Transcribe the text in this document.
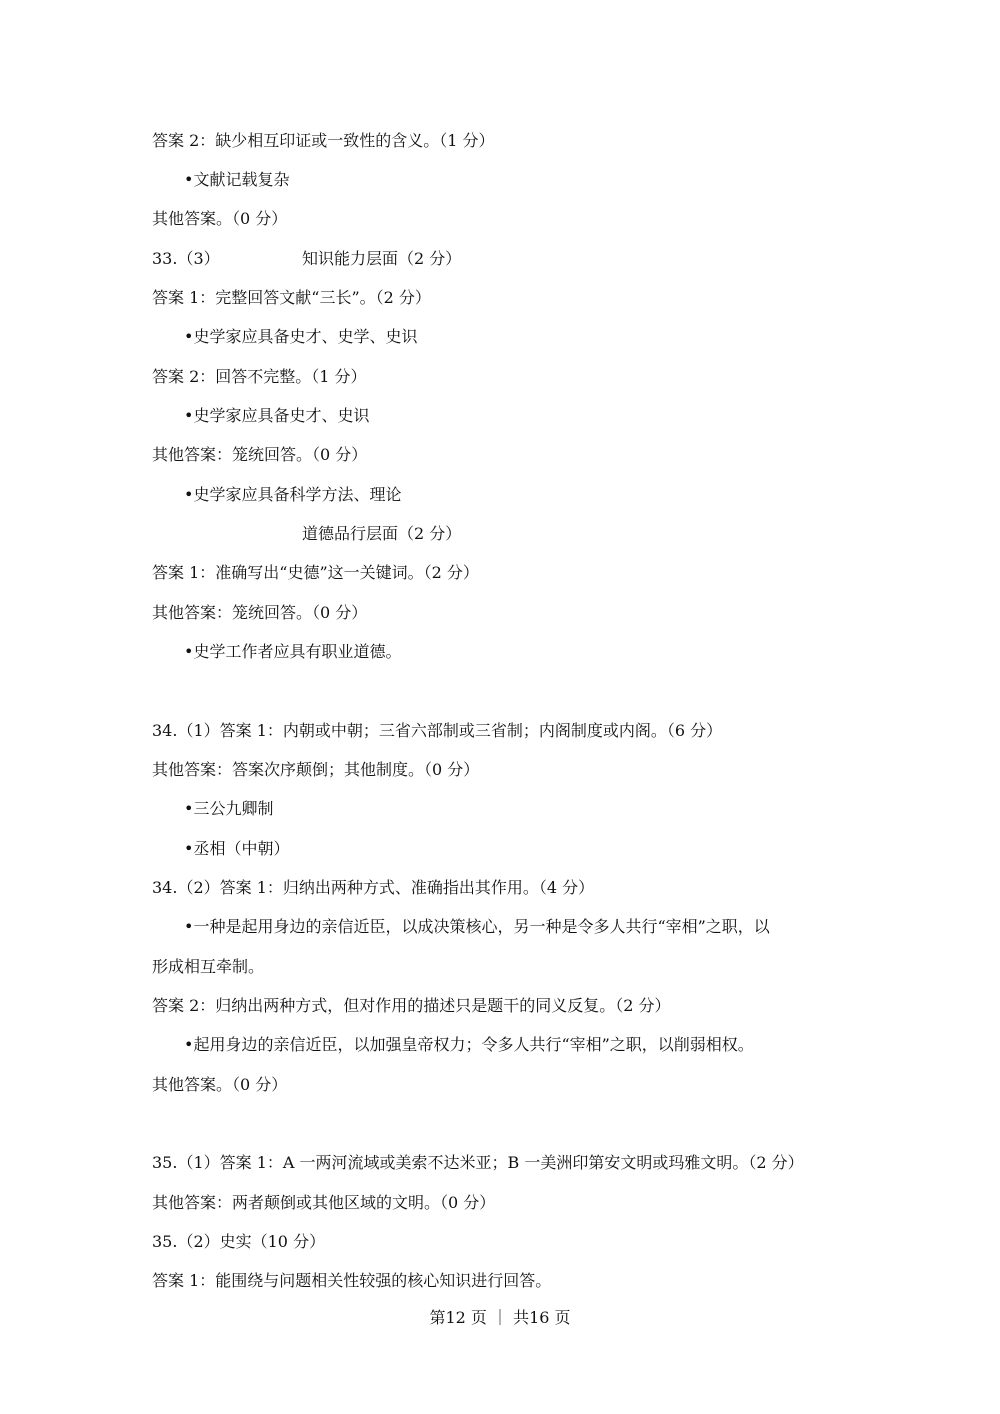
答案 2：缺少相互印证或一致性的含义。（1 分）
•文献记载复杂
其他答案。（0 分）
33.（3）	知识能力层面（2 分）
答案 1：完整回答文献“三长”。（2 分）
•史学家应具备史才、史学、史识
答案 2：回答不完整。（1 分）
•史学家应具备史才、史识
其他答案：笼统回答。（0 分）
•史学家应具备科学方法、理论
道德品行层面（2 分）
答案 1：准确写出“史德”这一关键词。（2 分）
其他答案：笼统回答。（0 分）
•史学工作者应具有职业道德。
34.（1）答案 1：内朝或中朝；三省六部制或三省制；内阁制度或内阁。（6 分）
其他答案：答案次序颠倒；其他制度。（0 分）
•三公九卿制
•丞相（中朝）
34.（2）答案 1：归纳出两种方式、准确指出其作用。（4 分）
•一种是起用身边的亲信近臣，以成决策核心，另一种是令多人共行“宰相”之职，以
形成相互牵制。
答案 2：归纳出两种方式，但对作用的描述只是题干的同义反复。（2 分）
•起用身边的亲信近臣，以加强皇帝权力；令多人共行“宰相”之职，以削弱相权。
其他答案。（0 分）
35.（1）答案 1：A 一两河流域或美索不达米亚；B 一美洲印第安文明或玛雅文明。（2 分）
其他答案：两者颠倒或其他区域的文明。（0 分）
35.（2）史实（10 分）
答案 1：能围绕与问题相关性较强的核心知识进行回答。
第12 页 ｜ 共16 页
